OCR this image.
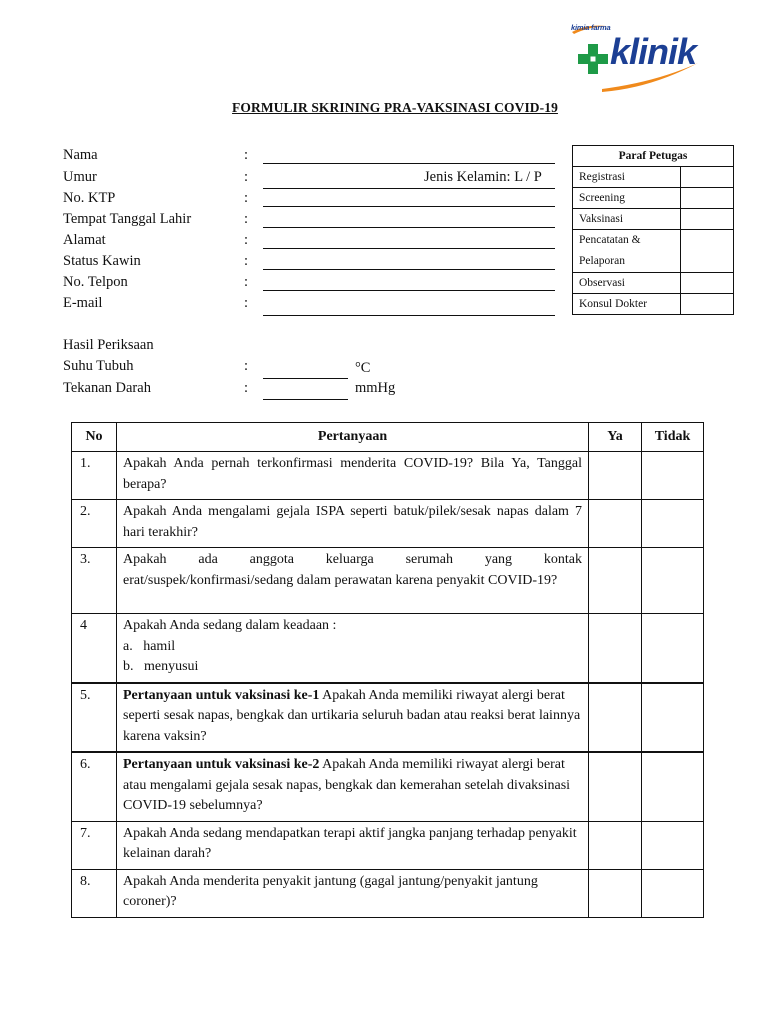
kimia farma
klinik
FORMULIR SKRINING PRA-VAKSINASI COVID-19
Nama	:
Umur	:	Jenis Kelamin: L / P
No. KTP	:
Tempat Tanggal Lahir	:
Alamat	:
Status Kawin	:
No. Telpon	:
E-mail	:
Paraf Petugas	
Registrasi	
Screening	
Vaksinasi	

Pencatatan &
Pelaporan	

Observasi	
Konsul Dokter	
Hasil Periksaan
Suhu Tubuh	:	°C
Tekanan Darah	:	mmHg
No	Pertanyaan	Ya	Tidak
1.	Apakah Anda pernah terkonfirmasi menderita COVID-19? Bila Ya, Tanggal berapa?		
2.	Apakah Anda mengalami gejala ISPA seperti batuk/pilek/sesak napas dalam 7 hari terakhir?		
3.	Apakah ada anggota keluarga serumah yang kontak erat/suspek/konfirmasi/sedang dalam perawatan karena penyakit COVID-19?		
4	Apakah Anda sedang dalam keadaan :
a.   hamil
b.   menyusui		

5.	Pertanyaan untuk vaksinasi ke-1 Apakah Anda memiliki riwayat alergi berat seperti sesak napas, bengkak dan urtikaria seluruh badan atau reaksi berat lainnya karena vaksin?		
6.	Pertanyaan untuk vaksinasi ke-2 Apakah Anda memiliki riwayat alergi berat atau mengalami gejala sesak napas, bengkak dan kemerahan setelah divaksinasi COVID-19 sebelumnya?		
7.	Apakah Anda sedang mendapatkan terapi aktif jangka panjang terhadap penyakit kelainan darah?		
8.	Apakah Anda menderita penyakit jantung (gagal jantung/penyakit jantung coroner)?		
